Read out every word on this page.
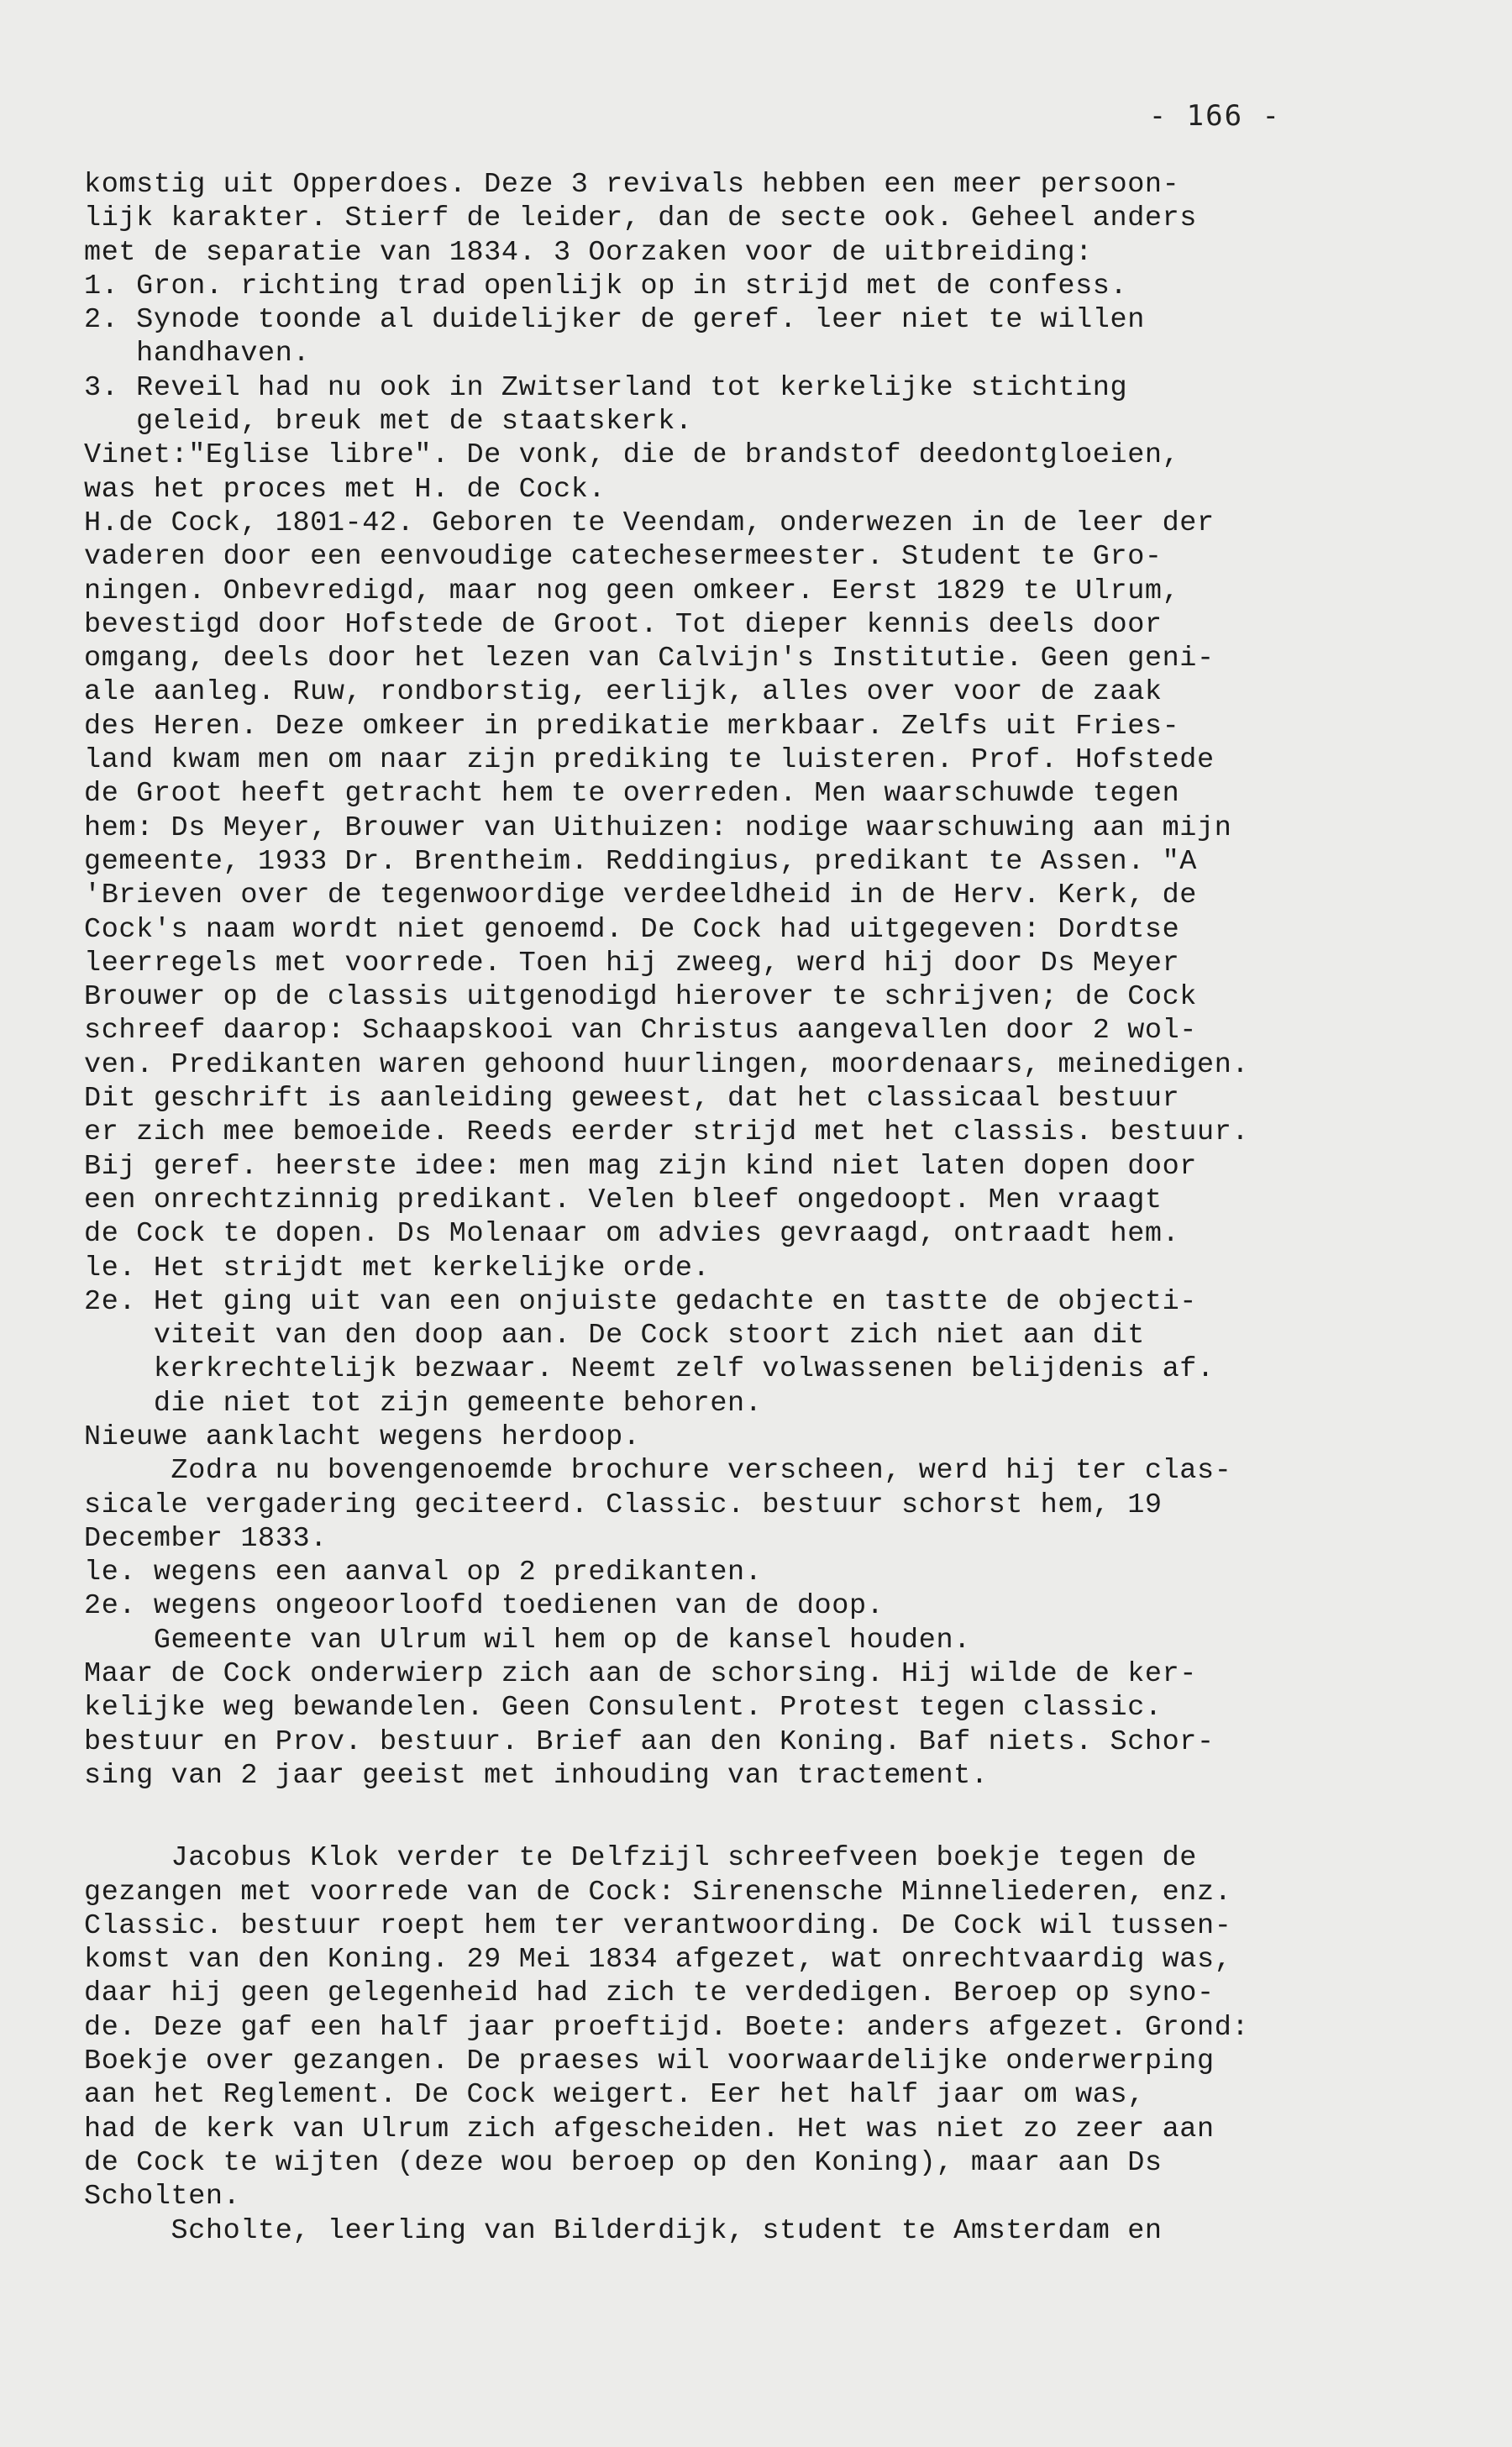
- 166 -
komstig uit Opperdoes. Deze 3 revivals hebben een meer persoon-
lijk karakter. Stierf de leider, dan de secte ook. Geheel anders
met de separatie van 1834. 3 Oorzaken voor de uitbreiding:
1. Gron. richting trad openlijk op in strijd met de confess.
2. Synode toonde al duidelijker de geref. leer niet te willen
handhaven.
3. Reveil had nu ook in Zwitserland tot kerkelijke stichting
geleid, breuk met de staatskerk.
Vinet:"Eglise libre". De vonk, die de brandstof deedontgloeien,
was het proces met H. de Cock.
H.de Cock, 1801-42. Geboren te Veendam, onderwezen in de leer der
vaderen door een eenvoudige catechesermeester. Student te Gro-
ningen. Onbevredigd, maar nog geen omkeer. Eerst 1829 te Ulrum,
bevestigd door Hofstede de Groot. Tot dieper kennis deels door
omgang, deels door het lezen van Calvijn's Institutie. Geen geni-
ale aanleg. Ruw, rondborstig, eerlijk, alles over voor de zaak
des Heren. Deze omkeer in predikatie merkbaar. Zelfs uit Fries-
land kwam men om naar zijn prediking te luisteren. Prof. Hofstede
de Groot heeft getracht hem te overreden. Men waarschuwde tegen
hem: Ds Meyer, Brouwer van Uithuizen: nodige waarschuwing aan mijn
gemeente, 1933 Dr. Brentheim. Reddingius, predikant te Assen. "A
'Brieven over de tegenwoordige verdeeldheid in de Herv. Kerk, de
Cock's naam wordt niet genoemd. De Cock had uitgegeven: Dordtse
leerregels met voorrede. Toen hij zweeg, werd hij door Ds Meyer
Brouwer op de classis uitgenodigd hierover te schrijven; de Cock
schreef daarop: Schaapskooi van Christus aangevallen door 2 wol-
ven. Predikanten waren gehoond huurlingen, moordenaars, meinedigen.
Dit geschrift is aanleiding geweest, dat het classicaal bestuur
er zich mee bemoeide. Reeds eerder strijd met het classis. bestuur.
Bij geref. heerste idee: men mag zijn kind niet laten dopen door
een onrechtzinnig predikant. Velen bleef ongedoopt. Men vraagt
de Cock te dopen. Ds Molenaar om advies gevraagd, ontraadt hem.
le. Het strijdt met kerkelijke orde.
2e. Het ging uit van een onjuiste gedachte en tastte de objecti-
viteit van den doop aan. De Cock stoort zich niet aan dit
kerkrechtelijk bezwaar. Neemt zelf volwassenen belijdenis af.
die niet tot zijn gemeente behoren.
Nieuwe aanklacht wegens herdoop.
Zodra nu bovengenoemde brochure verscheen, werd hij ter clas-
sicale vergadering geciteerd. Classic. bestuur schorst hem, 19
December 1833.
le. wegens een aanval op 2 predikanten.
2e. wegens ongeoorloofd toedienen van de doop.
Gemeente van Ulrum wil hem op de kansel houden.
Maar de Cock onderwierp zich aan de schorsing. Hij wilde de ker-
kelijke weg bewandelen. Geen Consulent. Protest tegen classic.
bestuur en Prov. bestuur. Brief aan den Koning. Baf niets. Schor-
sing van 2 jaar geeist met inhouding van tractement.
Jacobus Klok verder te Delfzijl schreefveen boekje tegen de
gezangen met voorrede van de Cock: Sirenensche Minneliederen, enz.
Classic. bestuur roept hem ter verantwoording. De Cock wil tussen-
komst van den Koning. 29 Mei 1834 afgezet, wat onrechtvaardig was,
daar hij geen gelegenheid had zich te verdedigen. Beroep op syno-
de. Deze gaf een half jaar proeftijd. Boete: anders afgezet. Grond:
Boekje over gezangen. De praeses wil voorwaardelijke onderwerping
aan het Reglement. De Cock weigert. Eer het half jaar om was,
had de kerk van Ulrum zich afgescheiden. Het was niet zo zeer aan
de Cock te wijten (deze wou beroep op den Koning), maar aan Ds
Scholten.
Scholte, leerling van Bilderdijk, student te Amsterdam en
